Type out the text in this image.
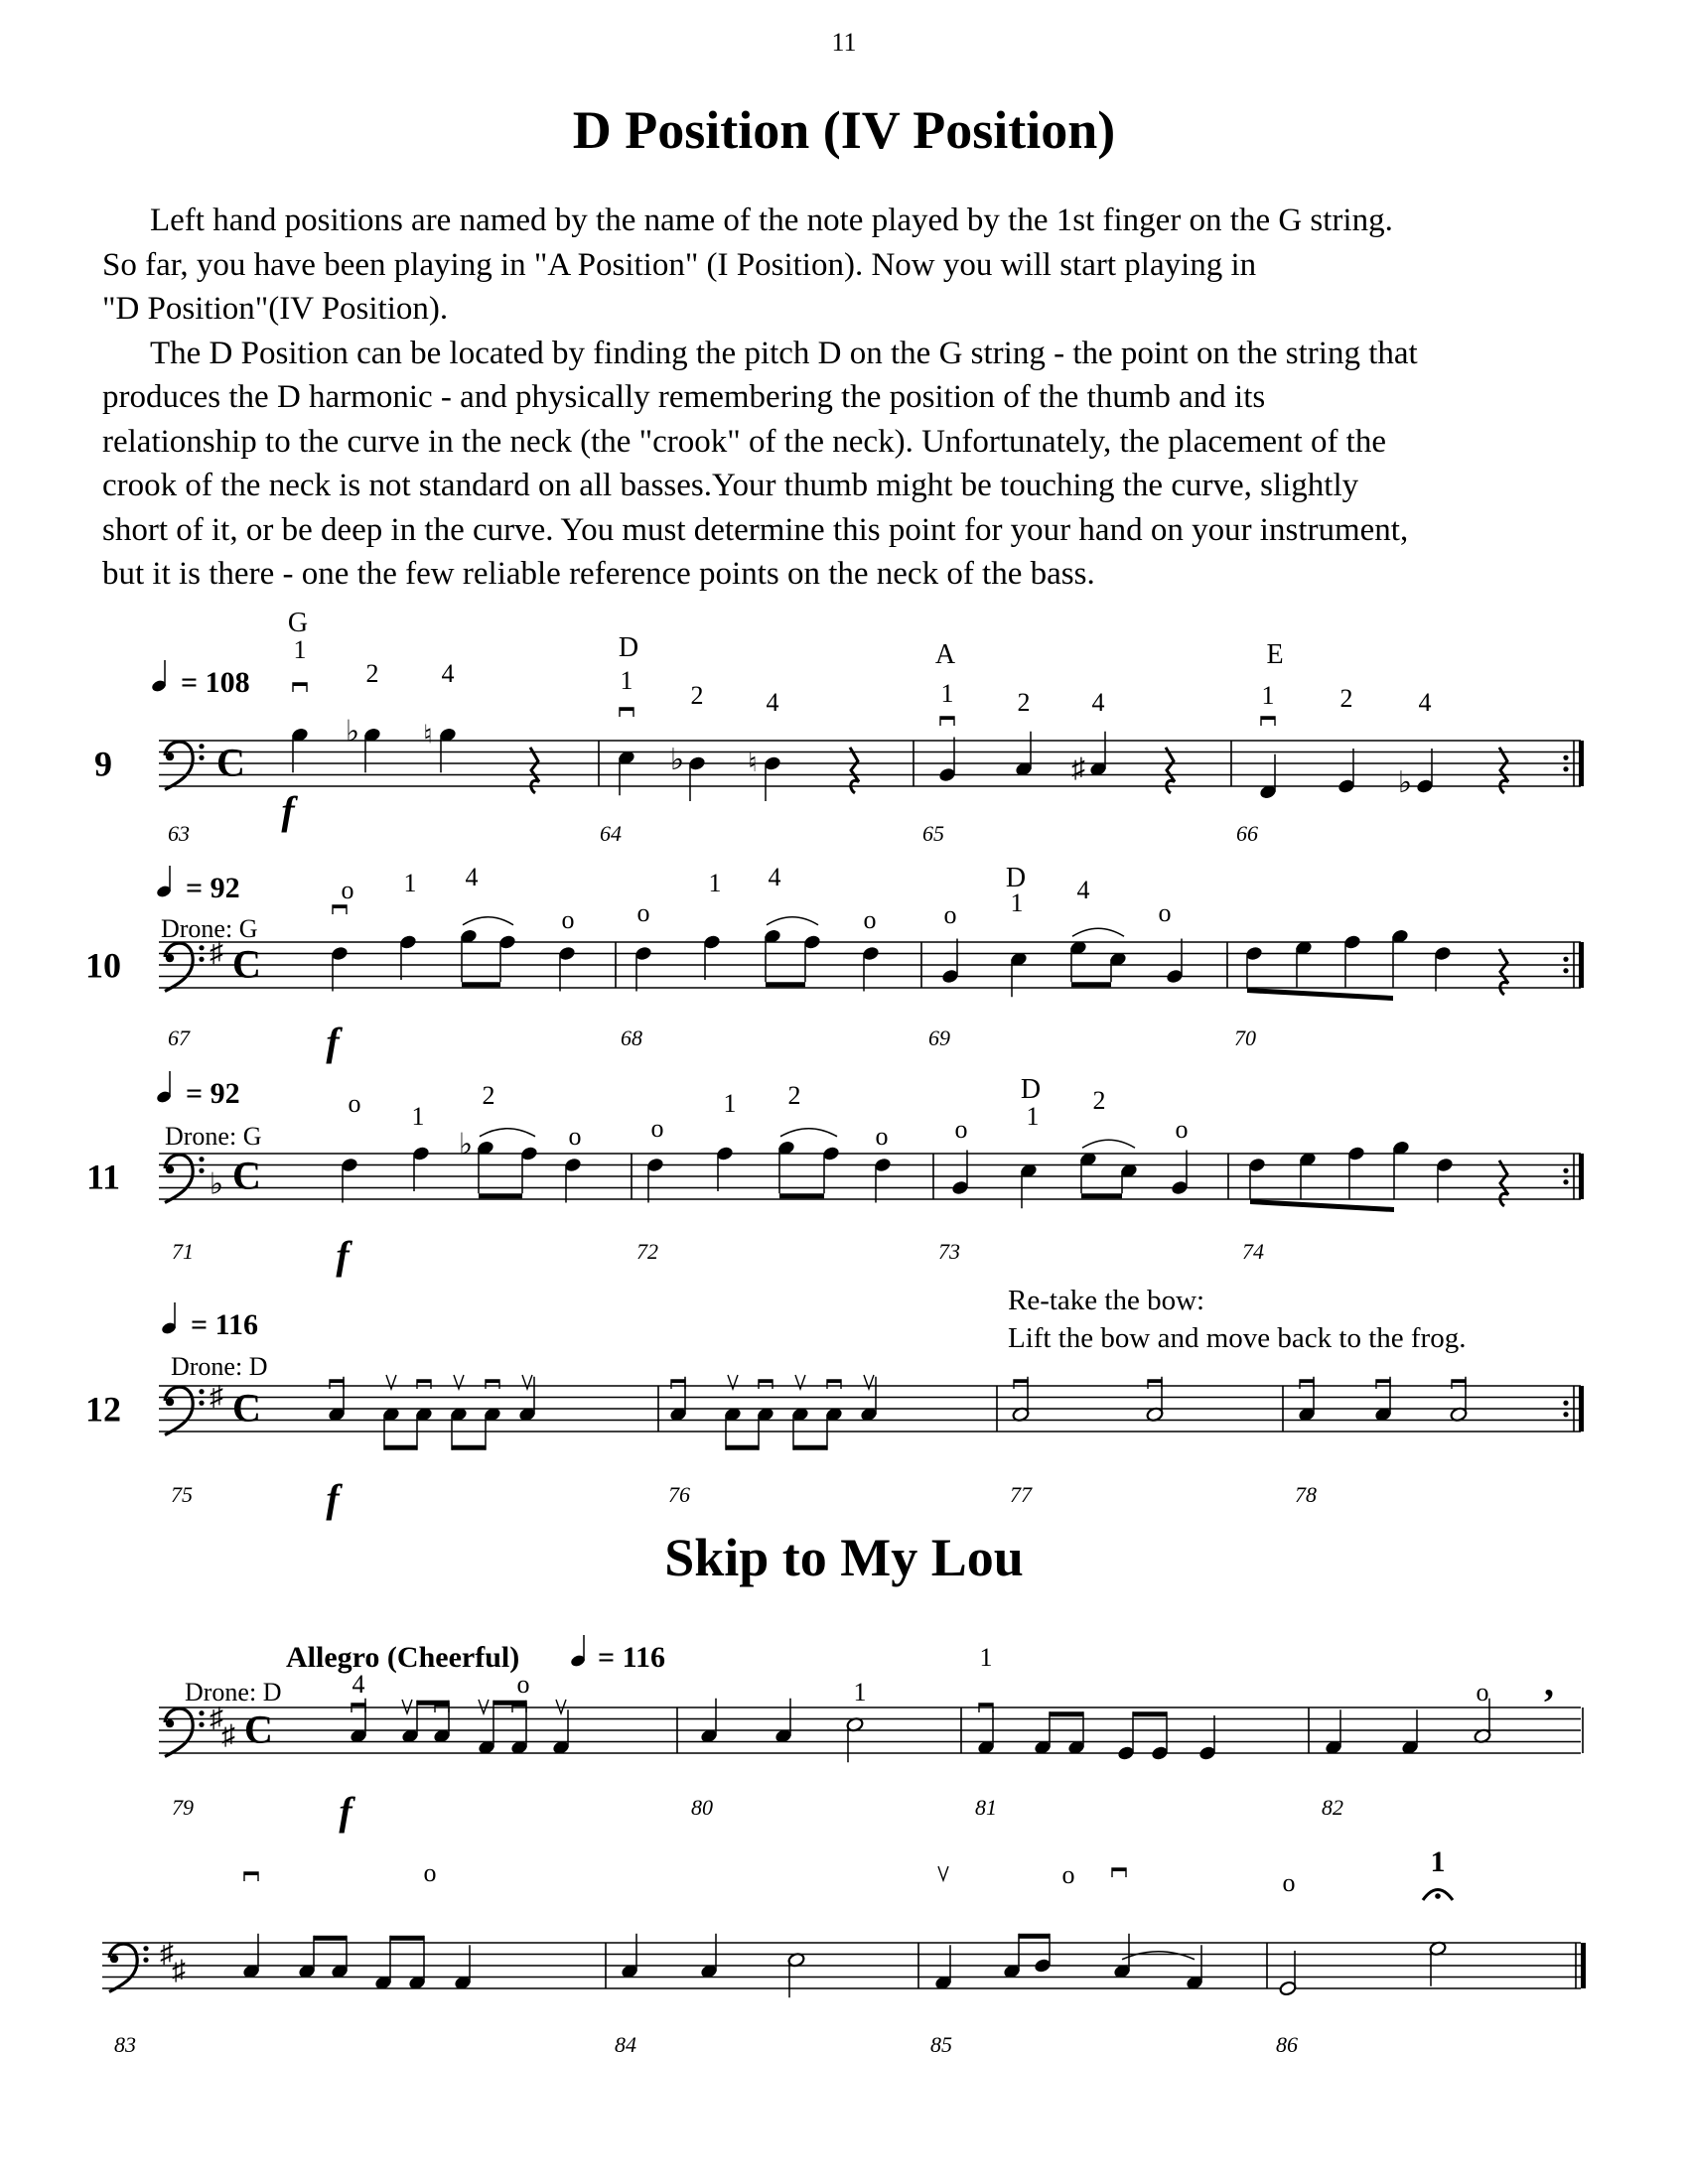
11
D Position (IV Position)

Left hand positions are named by the name of the note played by the 1st finger on the G string.
So far, you have been playing in "A Position" (I Position). Now you will start playing in
"D Position"(IV Position).

The D Position can be located by finding the pitch D on the G string - the point on the string that
produces the D harmonic - and physically remembering the position of the thumb and its
relationship to the curve in the neck (the "crook" of the neck). Unfortunately, the placement of the
crook of the neck is not standard on all basses.Your thumb might be touching the curve, slightly
short of it, or be deep in the curve. You must determine this point for your hand on your instrument,
but it is there - one the few reliable reference points on the neck of the bass.

Skip to My Lou
C
9
= 108
f
63	64	65	66
G
D	A	E
1
♭
2
♮
4	1
♭
2
♮
4	1 2
♯
4	1	2
♭
4
♯ C
10
= 92
Drone: G
f
67	68	69	70
o 1 4
o o
1 4
o	o 1 4
o
D
♭ C
11
= 92
Drone: G
f
71	72	73	74
♭
o 1
2
o	o
1 2
o	o 1
2
o
D
♯ C
12
= 116
Drone: D
f
75	76	77	78
Re-take the bow:
Lift the bow and move back to the frog.
♯
♯ C
Allegro (Cheerful)	= 116
Drone: D
f
79	80	81	82
4	o	1
1
o ,
♯
♯
83	84	85	86
o	o	o
1
